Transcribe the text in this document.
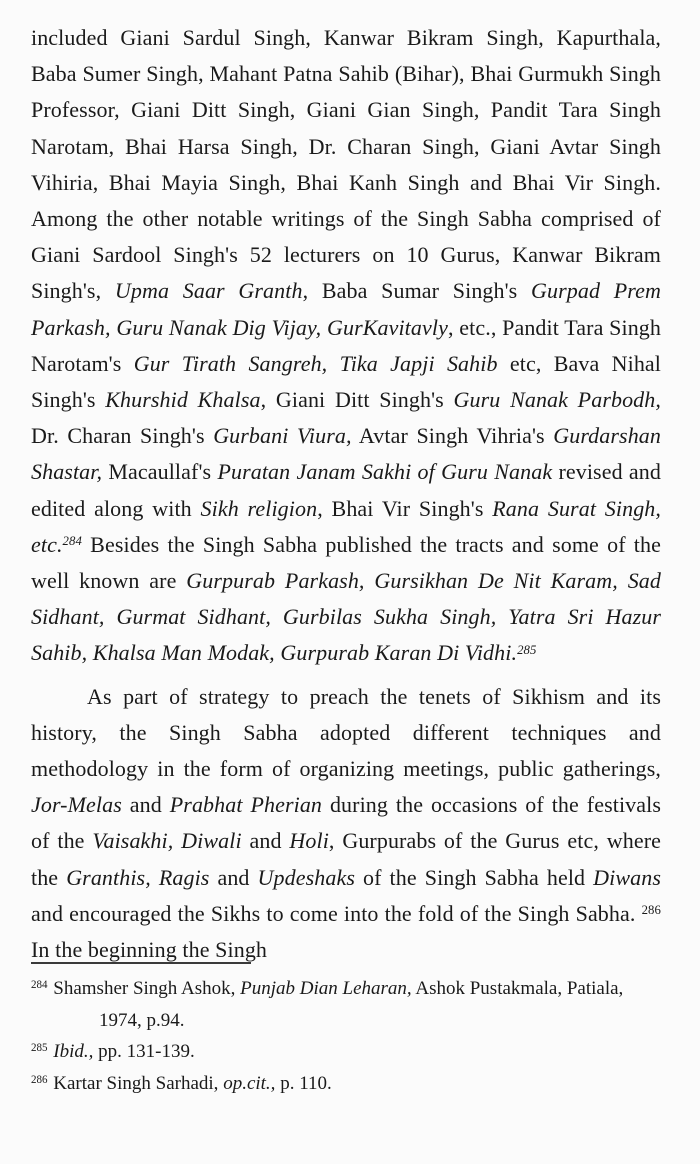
included Giani Sardul Singh, Kanwar Bikram Singh, Kapurthala, Baba Sumer Singh, Mahant Patna Sahib (Bihar), Bhai Gurmukh Singh Professor, Giani Ditt Singh, Giani Gian Singh, Pandit Tara Singh Narotam, Bhai Harsa Singh, Dr. Charan Singh, Giani Avtar Singh Vihiria, Bhai Mayia Singh, Bhai Kanh Singh and Bhai Vir Singh. Among the other notable writings of the Singh Sabha comprised of Giani Sardool Singh's 52 lecturers on 10 Gurus, Kanwar Bikram Singh's, Upma Saar Granth, Baba Sumar Singh's Gurpad Prem Parkash, Guru Nanak Dig Vijay, GurKavitavly, etc., Pandit Tara Singh Narotam's Gur Tirath Sangreh, Tika Japji Sahib etc, Bava Nihal Singh's Khurshid Khalsa, Giani Ditt Singh's Guru Nanak Parbodh, Dr. Charan Singh's Gurbani Viura, Avtar Singh Vihria's Gurdarshan Shastar, Macaullaf's Puratan Janam Sakhi of Guru Nanak revised and edited along with Sikh religion, Bhai Vir Singh's Rana Surat Singh, etc.$^{284}$ Besides the Singh Sabha published the tracts and some of the well known are Gurpurab Parkash, Gursikhan De Nit Karam, Sad Sidhant, Gurmat Sidhant, Gurbilas Sukha Singh, Yatra Sri Hazur Sahib, Khalsa Man Modak, Gurpurab Karan Di Vidhi.$^{285}$

As part of strategy to preach the tenets of Sikhism and its history, the Singh Sabha adopted different techniques and methodology in the form of organizing meetings, public gatherings, Jor-Melas and Prabhat Pherian during the occasions of the festivals of the Vaisakhi, Diwali and Holi, Gurpurabs of the Gurus etc, where the Granthis, Ragis and Updeshaks of the Singh Sabha held Diwans and encouraged the Sikhs to come into the fold of the Singh Sabha. $^{286}$ In the beginning the Singh

$^{284}$ Shamsher Singh Ashok, Punjab Dian Leharan, Ashok Pustakmala, Patiala, 1974, p.94.

$^{285}$ Ibid., pp. 131-139.

$^{286}$ Kartar Singh Sarhadi, op.cit., p. 110.
